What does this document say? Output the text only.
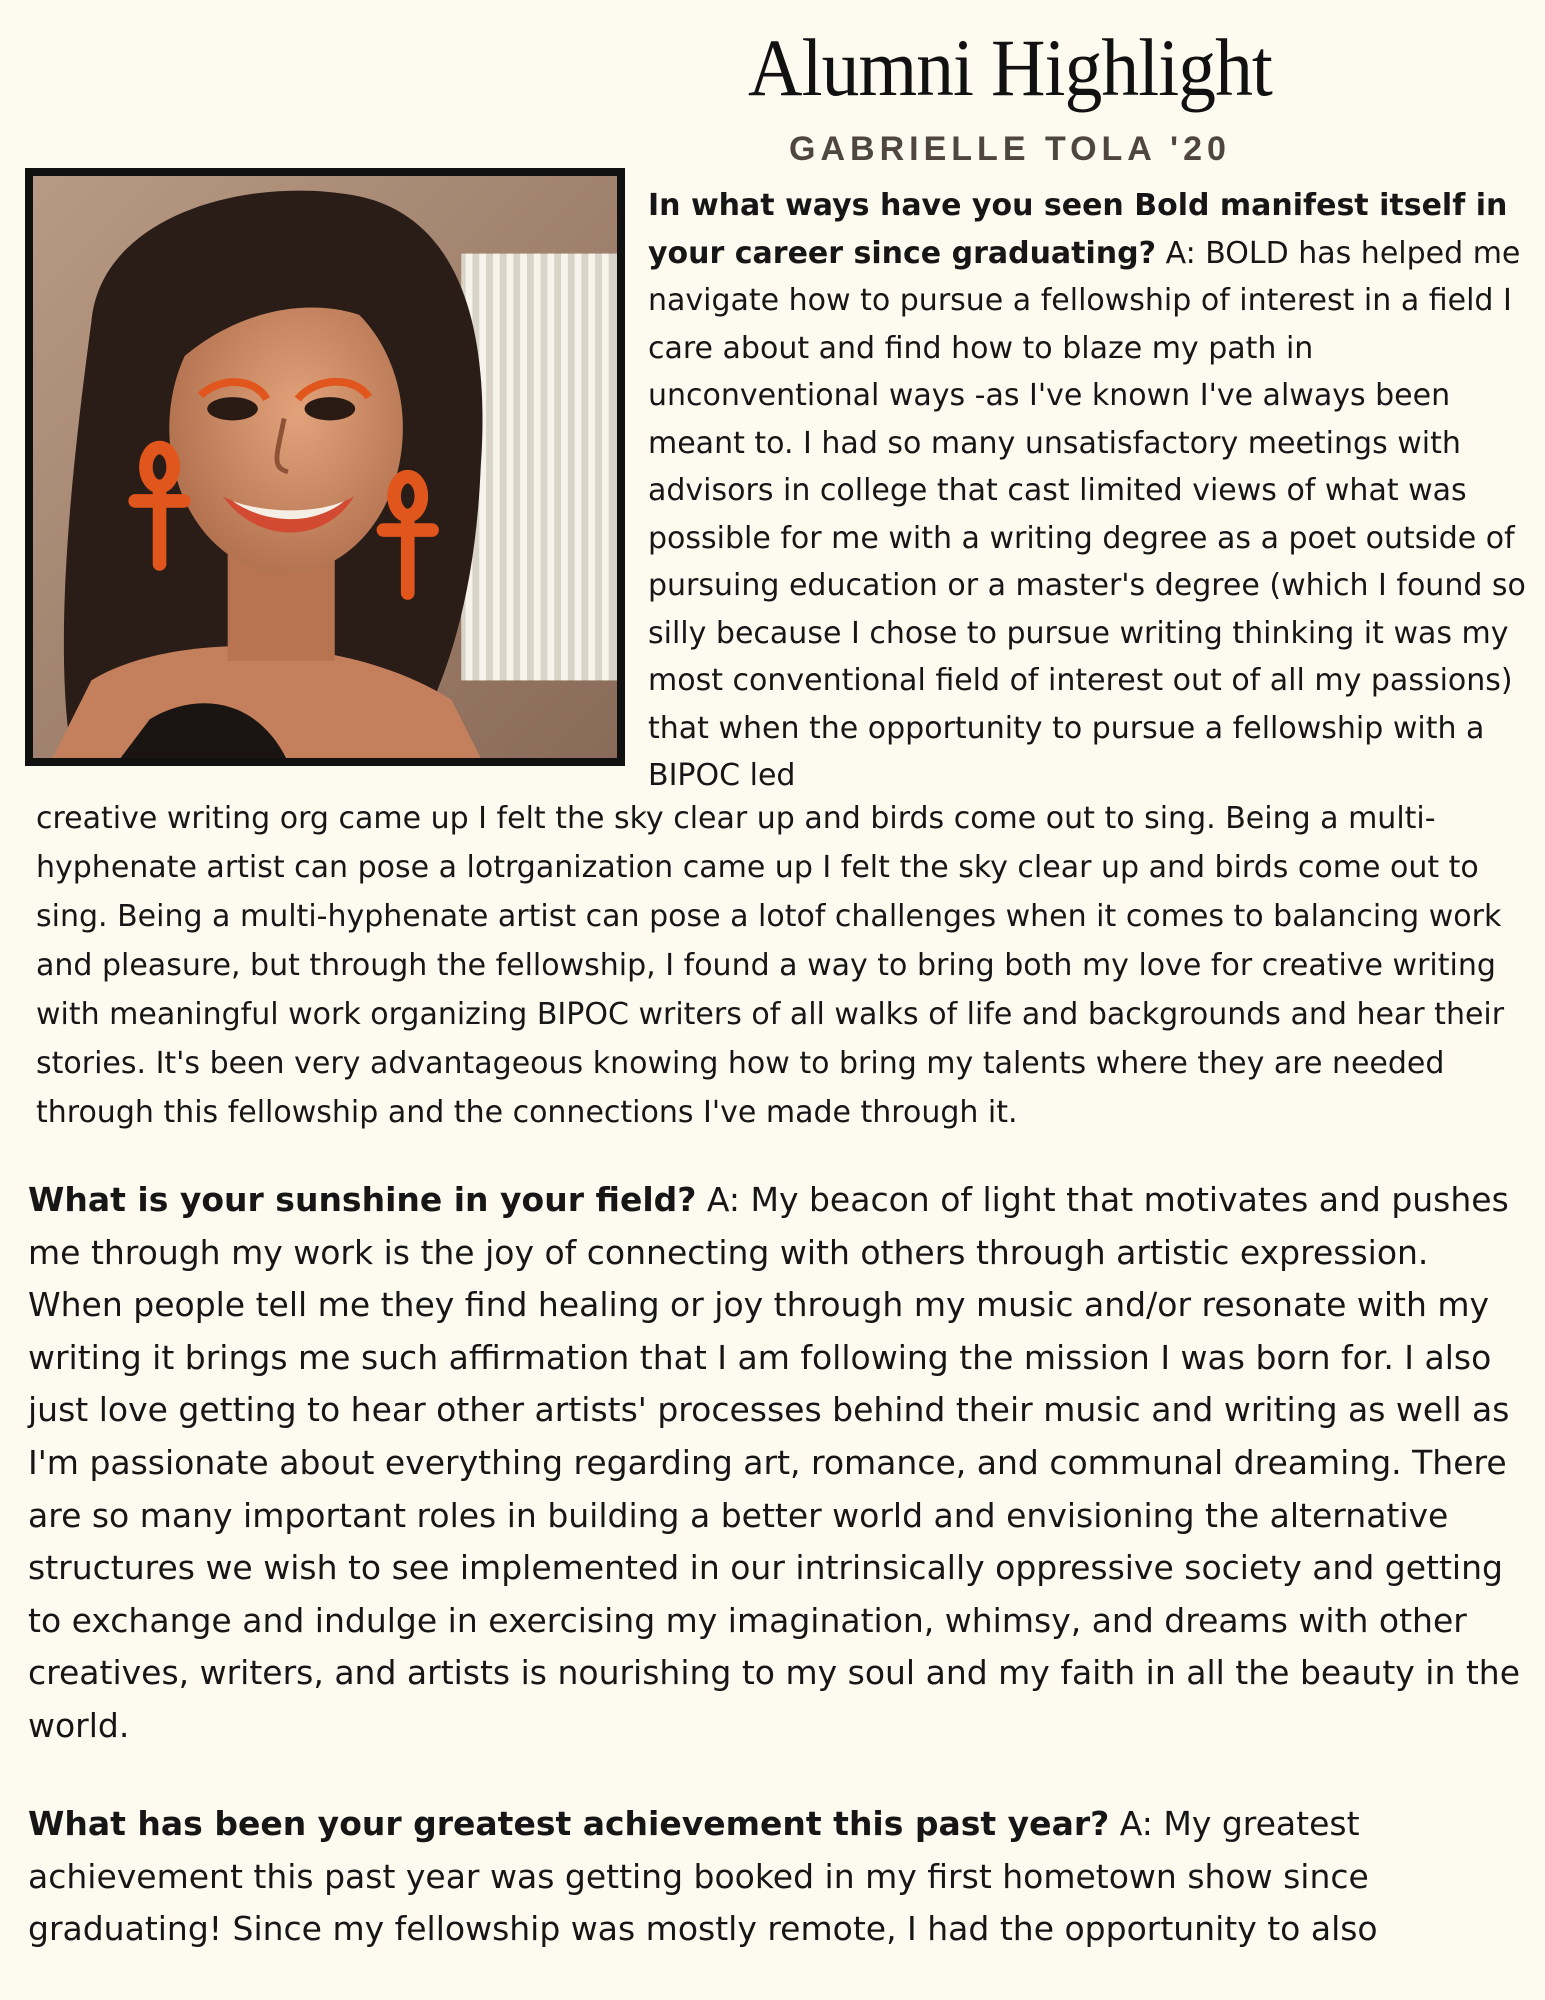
Alumni Highlight
GABRIELLE TOLA '20
In what ways have you seen Bold manifest itself in your career since graduating? A: BOLD has helped me navigate how to pursue a fellowship of interest in a field I care about and find how to blaze my path in unconventional ways -as I've known I've always been meant to. I had so many unsatisfactory meetings with advisors in college that cast limited views of what was possible for me with a writing degree as a poet outside of pursuing education or a master's degree (which I found so silly because I chose to pursue writing thinking it was my most conventional field of interest out of all my passions) that when the opportunity to pursue a fellowship with a BIPOC led
creative writing org came up I felt the sky clear up and birds come out to sing. Being a multi-hyphenate artist can pose a lotrganization came up I felt the sky clear up and birds come out to sing. Being a multi-hyphenate artist can pose a lotof challenges when it comes to balancing work and pleasure, but through the fellowship, I found a way to bring both my love for creative writing with meaningful work organizing BIPOC writers of all walks of life and backgrounds and hear their stories. It's been very advantageous knowing how to bring my talents where they are needed through this fellowship and the connections I've made through it.
What is your sunshine in your field? A: My beacon of light that motivates and pushes me through my work is the joy of connecting with others through artistic expression. When people tell me they find healing or joy through my music and/or resonate with my writing it brings me such affirmation that I am following the mission I was born for. I also just love getting to hear other artists' processes behind their music and writing as well as I'm passionate about everything regarding art, romance, and communal dreaming. There are so many important roles in building a better world and envisioning the alternative structures we wish to see implemented in our intrinsically oppressive society and getting to exchange and indulge in exercising my imagination, whimsy, and dreams with other creatives, writers, and artists is nourishing to my soul and my faith in all the beauty in the world.
What has been your greatest achievement this past year? A: My greatest achievement this past year was getting booked in my first hometown show since graduating! Since my fellowship was mostly remote, I had the opportunity to also
